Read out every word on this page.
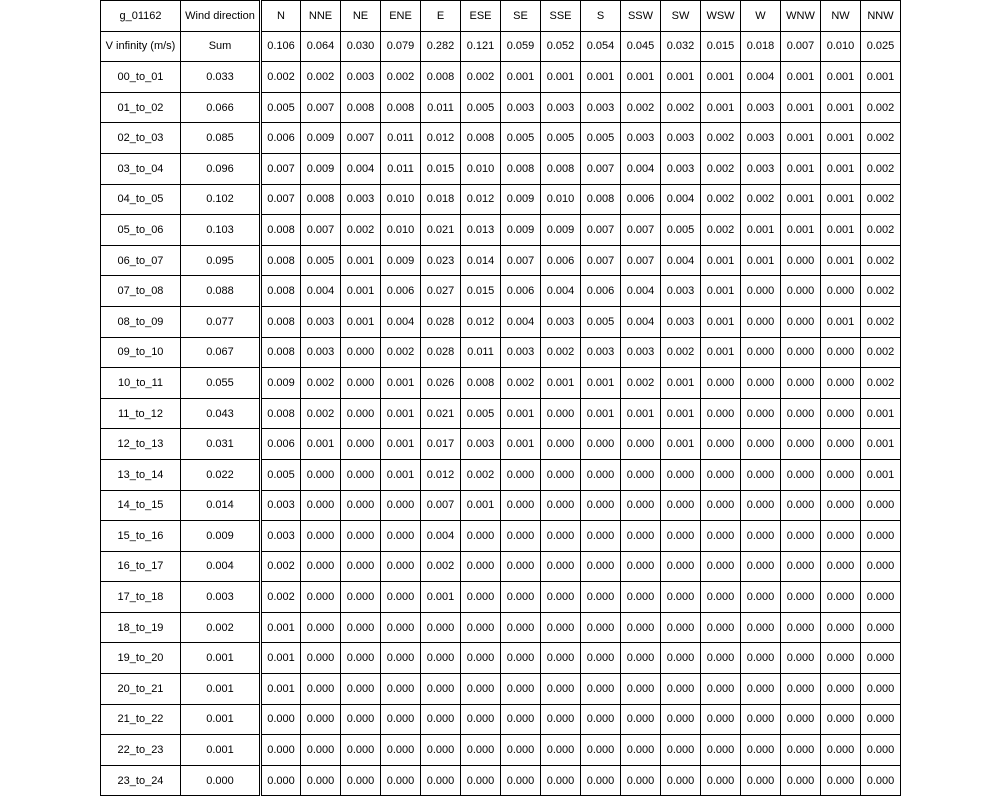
g_01162	Wind direction	N	NNE	NE	ENE	E	ESE	SE	SSE	S	SSW	SW	WSW	W	WNW	NW	NNW
V infinity (m/s)	Sum	0.106	0.064	0.030	0.079	0.282	0.121	0.059	0.052	0.054	0.045	0.032	0.015	0.018	0.007	0.010	0.025
00_to_01	0.033	0.002	0.002	0.003	0.002	0.008	0.002	0.001	0.001	0.001	0.001	0.001	0.001	0.004	0.001	0.001	0.001
01_to_02	0.066	0.005	0.007	0.008	0.008	0.011	0.005	0.003	0.003	0.003	0.002	0.002	0.001	0.003	0.001	0.001	0.002
02_to_03	0.085	0.006	0.009	0.007	0.011	0.012	0.008	0.005	0.005	0.005	0.003	0.003	0.002	0.003	0.001	0.001	0.002
03_to_04	0.096	0.007	0.009	0.004	0.011	0.015	0.010	0.008	0.008	0.007	0.004	0.003	0.002	0.003	0.001	0.001	0.002
04_to_05	0.102	0.007	0.008	0.003	0.010	0.018	0.012	0.009	0.010	0.008	0.006	0.004	0.002	0.002	0.001	0.001	0.002
05_to_06	0.103	0.008	0.007	0.002	0.010	0.021	0.013	0.009	0.009	0.007	0.007	0.005	0.002	0.001	0.001	0.001	0.002
06_to_07	0.095	0.008	0.005	0.001	0.009	0.023	0.014	0.007	0.006	0.007	0.007	0.004	0.001	0.001	0.000	0.001	0.002
07_to_08	0.088	0.008	0.004	0.001	0.006	0.027	0.015	0.006	0.004	0.006	0.004	0.003	0.001	0.000	0.000	0.000	0.002
08_to_09	0.077	0.008	0.003	0.001	0.004	0.028	0.012	0.004	0.003	0.005	0.004	0.003	0.001	0.000	0.000	0.001	0.002
09_to_10	0.067	0.008	0.003	0.000	0.002	0.028	0.011	0.003	0.002	0.003	0.003	0.002	0.001	0.000	0.000	0.000	0.002
10_to_11	0.055	0.009	0.002	0.000	0.001	0.026	0.008	0.002	0.001	0.001	0.002	0.001	0.000	0.000	0.000	0.000	0.002
11_to_12	0.043	0.008	0.002	0.000	0.001	0.021	0.005	0.001	0.000	0.001	0.001	0.001	0.000	0.000	0.000	0.000	0.001
12_to_13	0.031	0.006	0.001	0.000	0.001	0.017	0.003	0.001	0.000	0.000	0.000	0.001	0.000	0.000	0.000	0.000	0.001
13_to_14	0.022	0.005	0.000	0.000	0.001	0.012	0.002	0.000	0.000	0.000	0.000	0.000	0.000	0.000	0.000	0.000	0.001
14_to_15	0.014	0.003	0.000	0.000	0.000	0.007	0.001	0.000	0.000	0.000	0.000	0.000	0.000	0.000	0.000	0.000	0.000
15_to_16	0.009	0.003	0.000	0.000	0.000	0.004	0.000	0.000	0.000	0.000	0.000	0.000	0.000	0.000	0.000	0.000	0.000
16_to_17	0.004	0.002	0.000	0.000	0.000	0.002	0.000	0.000	0.000	0.000	0.000	0.000	0.000	0.000	0.000	0.000	0.000
17_to_18	0.003	0.002	0.000	0.000	0.000	0.001	0.000	0.000	0.000	0.000	0.000	0.000	0.000	0.000	0.000	0.000	0.000
18_to_19	0.002	0.001	0.000	0.000	0.000	0.000	0.000	0.000	0.000	0.000	0.000	0.000	0.000	0.000	0.000	0.000	0.000
19_to_20	0.001	0.001	0.000	0.000	0.000	0.000	0.000	0.000	0.000	0.000	0.000	0.000	0.000	0.000	0.000	0.000	0.000
20_to_21	0.001	0.001	0.000	0.000	0.000	0.000	0.000	0.000	0.000	0.000	0.000	0.000	0.000	0.000	0.000	0.000	0.000
21_to_22	0.001	0.000	0.000	0.000	0.000	0.000	0.000	0.000	0.000	0.000	0.000	0.000	0.000	0.000	0.000	0.000	0.000
22_to_23	0.001	0.000	0.000	0.000	0.000	0.000	0.000	0.000	0.000	0.000	0.000	0.000	0.000	0.000	0.000	0.000	0.000
23_to_24	0.000	0.000	0.000	0.000	0.000	0.000	0.000	0.000	0.000	0.000	0.000	0.000	0.000	0.000	0.000	0.000	0.000
